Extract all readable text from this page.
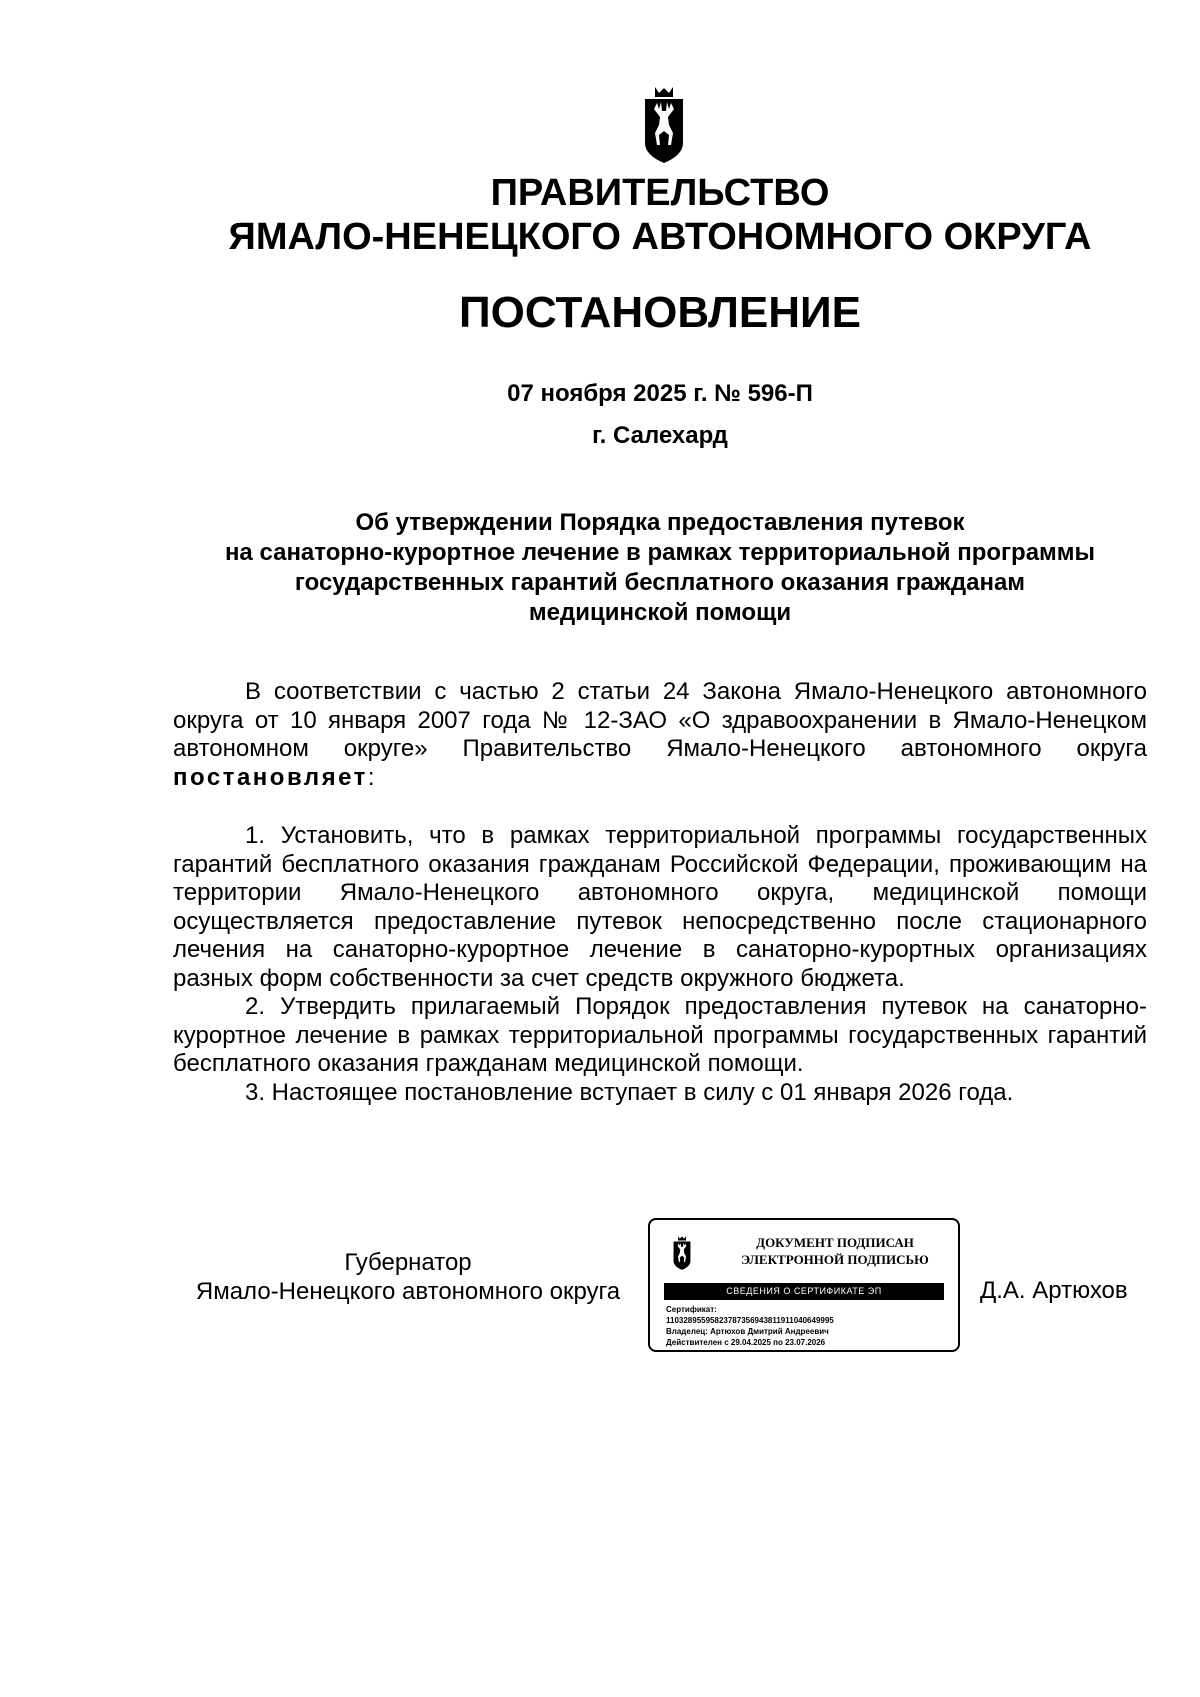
ПРАВИТЕЛЬСТВО
ЯМАЛО-НЕНЕЦКОГО АВТОНОМНОГО ОКРУГА
ПОСТАНОВЛЕНИЕ
07 ноября 2025 г. № 596-П
г. Салехард
Об утверждении Порядка предоставления путевок
на санаторно-курортное лечение в рамках территориальной программы
государственных гарантий бесплатного оказания гражданам
медицинской помощи

В соответствии с частью 2 статьи 24 Закона Ямало-Ненецкого автономного округа от 10 января 2007 года № 12-ЗАО «О здравоохранении в Ямало-Ненецком автономном округе» Правительство Ямало-Ненецкого автономного округа постановляет:

1. Установить, что в рамках территориальной программы государственных гарантий бесплатного оказания гражданам Российской Федерации, проживающим на территории Ямало-Ненецкого автономного округа, медицинской помощи осуществляется предоставление путевок непосредственно после стационарного лечения на санаторно-курортное лечение в санаторно-курортных организациях разных форм собственности за счет средств окружного бюджета.

2. Утвердить прилагаемый Порядок предоставления путевок на санаторно-курортное лечение в рамках территориальной программы государственных гарантий бесплатного оказания гражданам медицинской помощи.

3. Настоящее постановление вступает в силу с 01 января 2026 года.

Губернатор
Ямало-Ненецкого автономного округа
ДОКУМЕНТ ПОДПИСАН
ЭЛЕКТРОННОЙ ПОДПИСЬЮ
СВЕДЕНИЯ О СЕРТИФИКАТЕ ЭП
Сертификат:
11032895595823787356943811911040649995
Владелец: Артюхов Дмитрий Андреевич
Действителен с 29.04.2025 по 23.07.2026
Д.А. Артюхов
